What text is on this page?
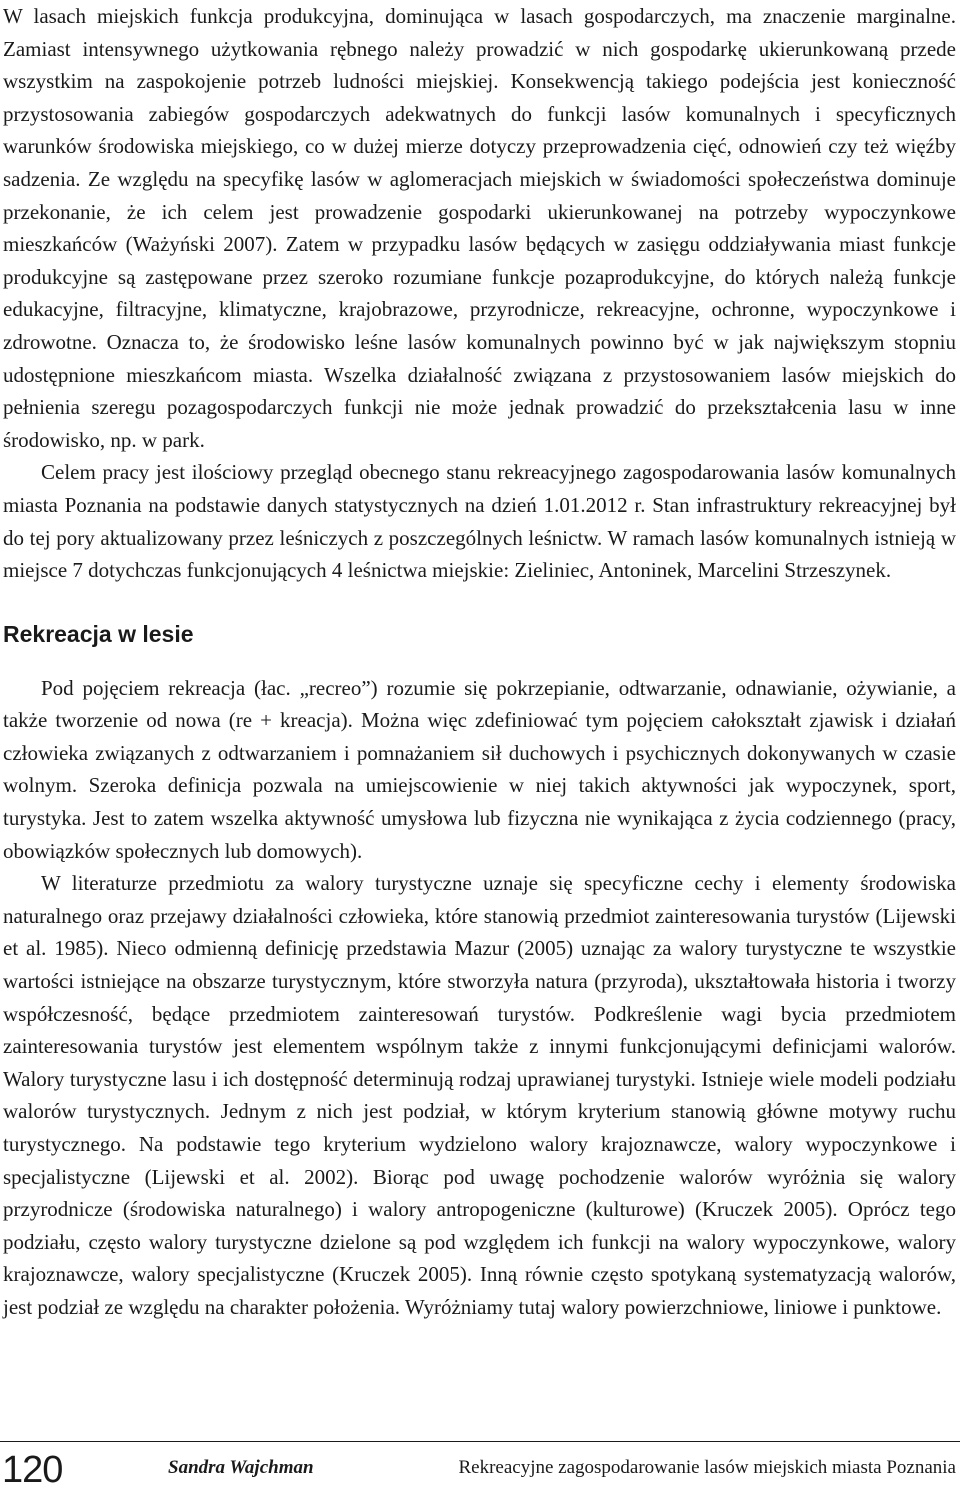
W lasach miejskich funkcja produkcyjna, dominująca w lasach gospodarczych, ma znaczenie marginalne. Zamiast intensywnego użytkowania rębnego należy prowadzić w nich gospodarkę ukierunkowaną przede wszystkim na zaspokojenie potrzeb ludności miejskiej. Konsekwencją takiego podejścia jest konieczność przystosowania zabiegów gospodarczych adekwatnych do funkcji lasów komunalnych i specyficznych warunków środowiska miejskiego, co w dużej mierze dotyczy przeprowadzenia cięć, odnowień czy też więźby sadzenia. Ze względu na specyfikę lasów w aglomeracjach miejskich w świadomości społeczeństwa dominuje przekonanie, że ich celem jest prowadzenie gospodarki ukierunkowanej na potrzeby wypoczynkowe mieszkańców (Ważyński 2007). Zatem w przypadku lasów będących w zasięgu oddziaływania miast funkcje produkcyjne są zastępowane przez szeroko rozumiane funkcje pozaprodukcyjne, do których należą funkcje edukacyjne, filtracyjne, klimatyczne, krajobrazowe, przyrodnicze, rekreacyjne, ochronne, wypoczynkowe i zdrowotne. Oznacza to, że środowisko leśne lasów komunalnych powinno być w jak największym stopniu udostępnione mieszkańcom miasta. Wszelka działalność związana z przystosowaniem lasów miejskich do pełnienia szeregu pozagospodarczych funkcji nie może jednak prowadzić do przekształcenia lasu w inne środowisko, np. w park.

Celem pracy jest ilościowy przegląd obecnego stanu rekreacyjnego zagospodarowania lasów komunalnych miasta Poznania na podstawie danych statystycznych na dzień 1.01.2012 r. Stan infrastruktury rekreacyjnej był do tej pory aktualizowany przez leśniczych z poszczególnych leśnictw. W ramach lasów komunalnych istnieją w miejsce 7 dotychczas funkcjonujących 4 leśnictwa miejskie: Zieliniec, Antoninek, Marcelini Strzeszynek.

Rekreacja w lesie

Pod pojęciem rekreacja (łac. „recreo”) rozumie się pokrzepianie, odtwarzanie, odnawianie, ożywianie, a także tworzenie od nowa (re + kreacja). Można więc zdefiniować tym pojęciem całokształt zjawisk i działań człowieka związanych z odtwarzaniem i pomnażaniem sił duchowych i psychicznych dokonywanych w czasie wolnym. Szeroka definicja pozwala na umiejscowienie w niej takich aktywności jak wypoczynek, sport, turystyka. Jest to zatem wszelka aktywność umysłowa lub fizyczna nie wynikająca z życia codziennego (pracy, obowiązków społecznych lub domowych).

W literaturze przedmiotu za walory turystyczne uznaje się specyficzne cechy i elementy środowiska naturalnego oraz przejawy działalności człowieka, które stanowią przedmiot zainteresowania turystów (Lijewski et al. 1985). Nieco odmienną definicję przedstawia Mazur (2005) uznając za walory turystyczne te wszystkie wartości istniejące na obszarze turystycznym, które stworzyła natura (przyroda), ukształtowała historia i tworzy współczesność, będące przedmiotem zainteresowań turystów. Podkreślenie wagi bycia przedmiotem zainteresowania turystów jest elementem wspólnym także z innymi funkcjonującymi definicjami walorów. Walory turystyczne lasu i ich dostępność determinują rodzaj uprawianej turystyki. Istnieje wiele modeli podziału walorów turystycznych. Jednym z nich jest podział, w którym kryterium stanowią główne motywy ruchu turystycznego. Na podstawie tego kryterium wydzielono walory krajoznawcze, walory wypoczynkowe i specjalistyczne (Lijewski et al. 2002). Biorąc pod uwagę pochodzenie walorów wyróżnia się walory przyrodnicze (środowiska naturalnego) i walory antropogeniczne (kulturowe) (Kruczek 2005). Oprócz tego podziału, często walory turystyczne dzielone są pod względem ich funkcji na walory wypoczynkowe, walory krajoznawcze, walory specjalistyczne (Kruczek 2005). Inną równie często spotykaną systematyzacją walorów, jest podział ze względu na charakter położenia. Wyróżniamy tutaj walory powierzchniowe, liniowe i punktowe.

120	Sandra Wajchman	Rekreacyjne zagospodarowanie lasów miejskich miasta Poznania
